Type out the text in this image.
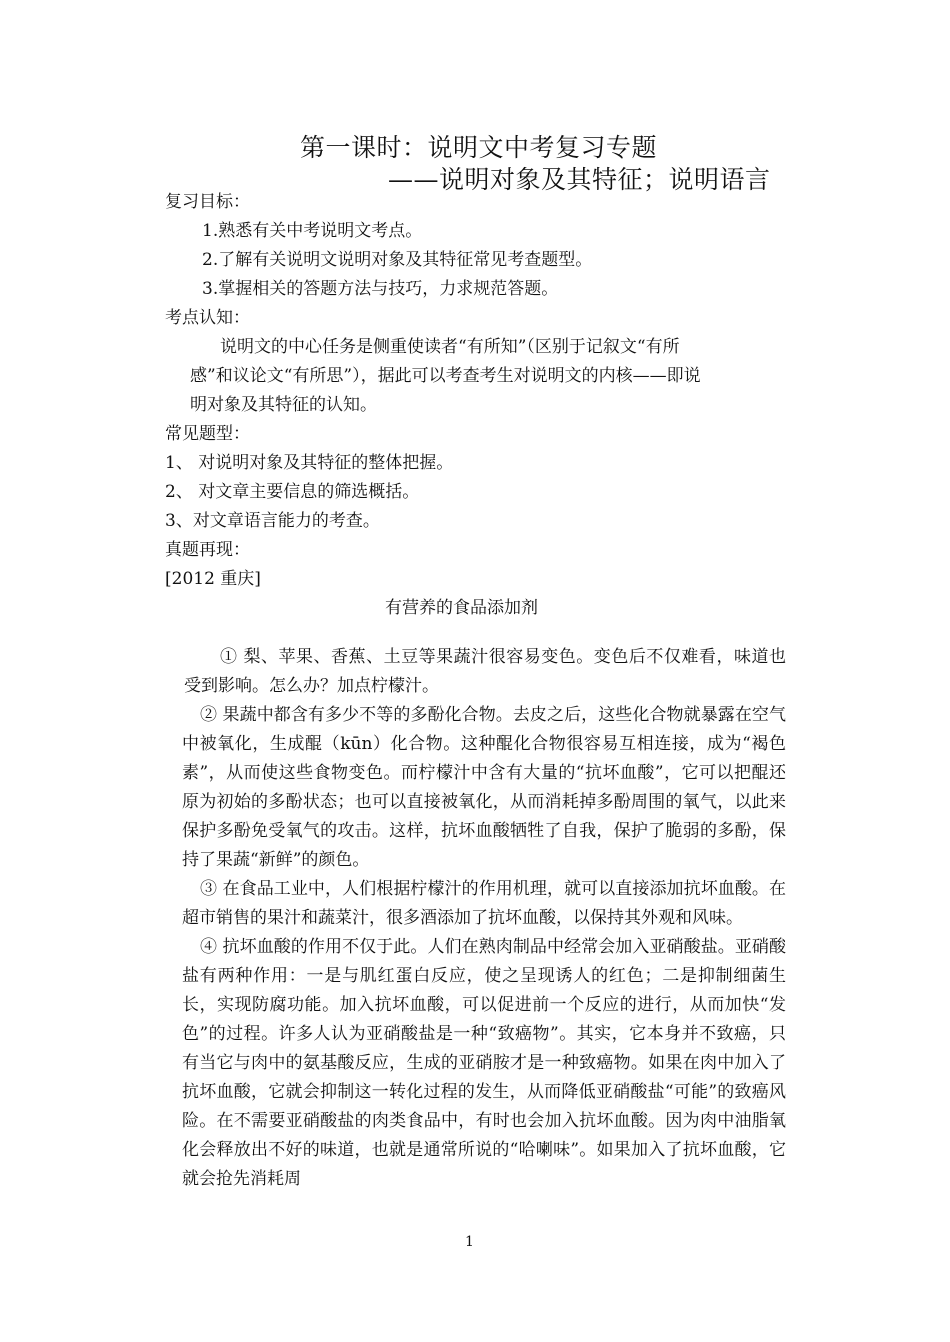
第一课时：说明文中考复习专题
——说明对象及其特征；说明语言
复习目标：
1.熟悉有关中考说明文考点。
2.了解有关说明文说明对象及其特征常见考查题型。
3.掌握相关的答题方法与技巧，力求规范答题。
考点认知：
说明文的中心任务是侧重使读者“有所知”（区别于记叙文“有所
感”和议论文“有所思”），据此可以考查考生对说明文的内核——即说
明对象及其特征的认知。
常见题型：
1、 对说明对象及其特征的整体把握。
2、 对文章主要信息的筛选概括。
3、对文章语言能力的考查。
真题再现：
[2012 重庆]
有营养的食品添加剂

① 梨、苹果、香蕉、土豆等果蔬汁很容易变色。变色后不仅难看，味道也受到影响。怎么办？加点柠檬汁。

② 果蔬中都含有多少不等的多酚化合物。去皮之后，这些化合物就暴露在空气中被氧化，生成醌（kūn）化合物。这种醌化合物很容易互相连接，成为“褐色素”，从而使这些食物变色。而柠檬汁中含有大量的“抗坏血酸”，它可以把醌还原为初始的多酚状态；也可以直接被氧化，从而消耗掉多酚周围的氧气，以此来保护多酚免受氧气的攻击。这样，抗坏血酸牺牲了自我，保护了脆弱的多酚，保持了果蔬“新鲜”的颜色。

③ 在食品工业中，人们根据柠檬汁的作用机理，就可以直接添加抗坏血酸。在超市销售的果汁和蔬菜汁，很多酒添加了抗坏血酸，以保持其外观和风味。

④ 抗坏血酸的作用不仅于此。人们在熟肉制品中经常会加入亚硝酸盐。亚硝酸盐有两种作用：一是与肌红蛋白反应，使之呈现诱人的红色；二是抑制细菌生长，实现防腐功能。加入抗坏血酸，可以促进前一个反应的进行，从而加快“发色”的过程。许多人认为亚硝酸盐是一种“致癌物”。其实，它本身并不致癌，只有当它与肉中的氨基酸反应，生成的亚硝胺才是一种致癌物。如果在肉中加入了抗坏血酸，它就会抑制这一转化过程的发生，从而降低亚硝酸盐“可能”的致癌风险。在不需要亚硝酸盐的肉类食品中，有时也会加入抗坏血酸。因为肉中油脂氧化会释放出不好的味道，也就是通常所说的“哈喇味”。如果加入了抗坏血酸，它就会抢先消耗周

1
